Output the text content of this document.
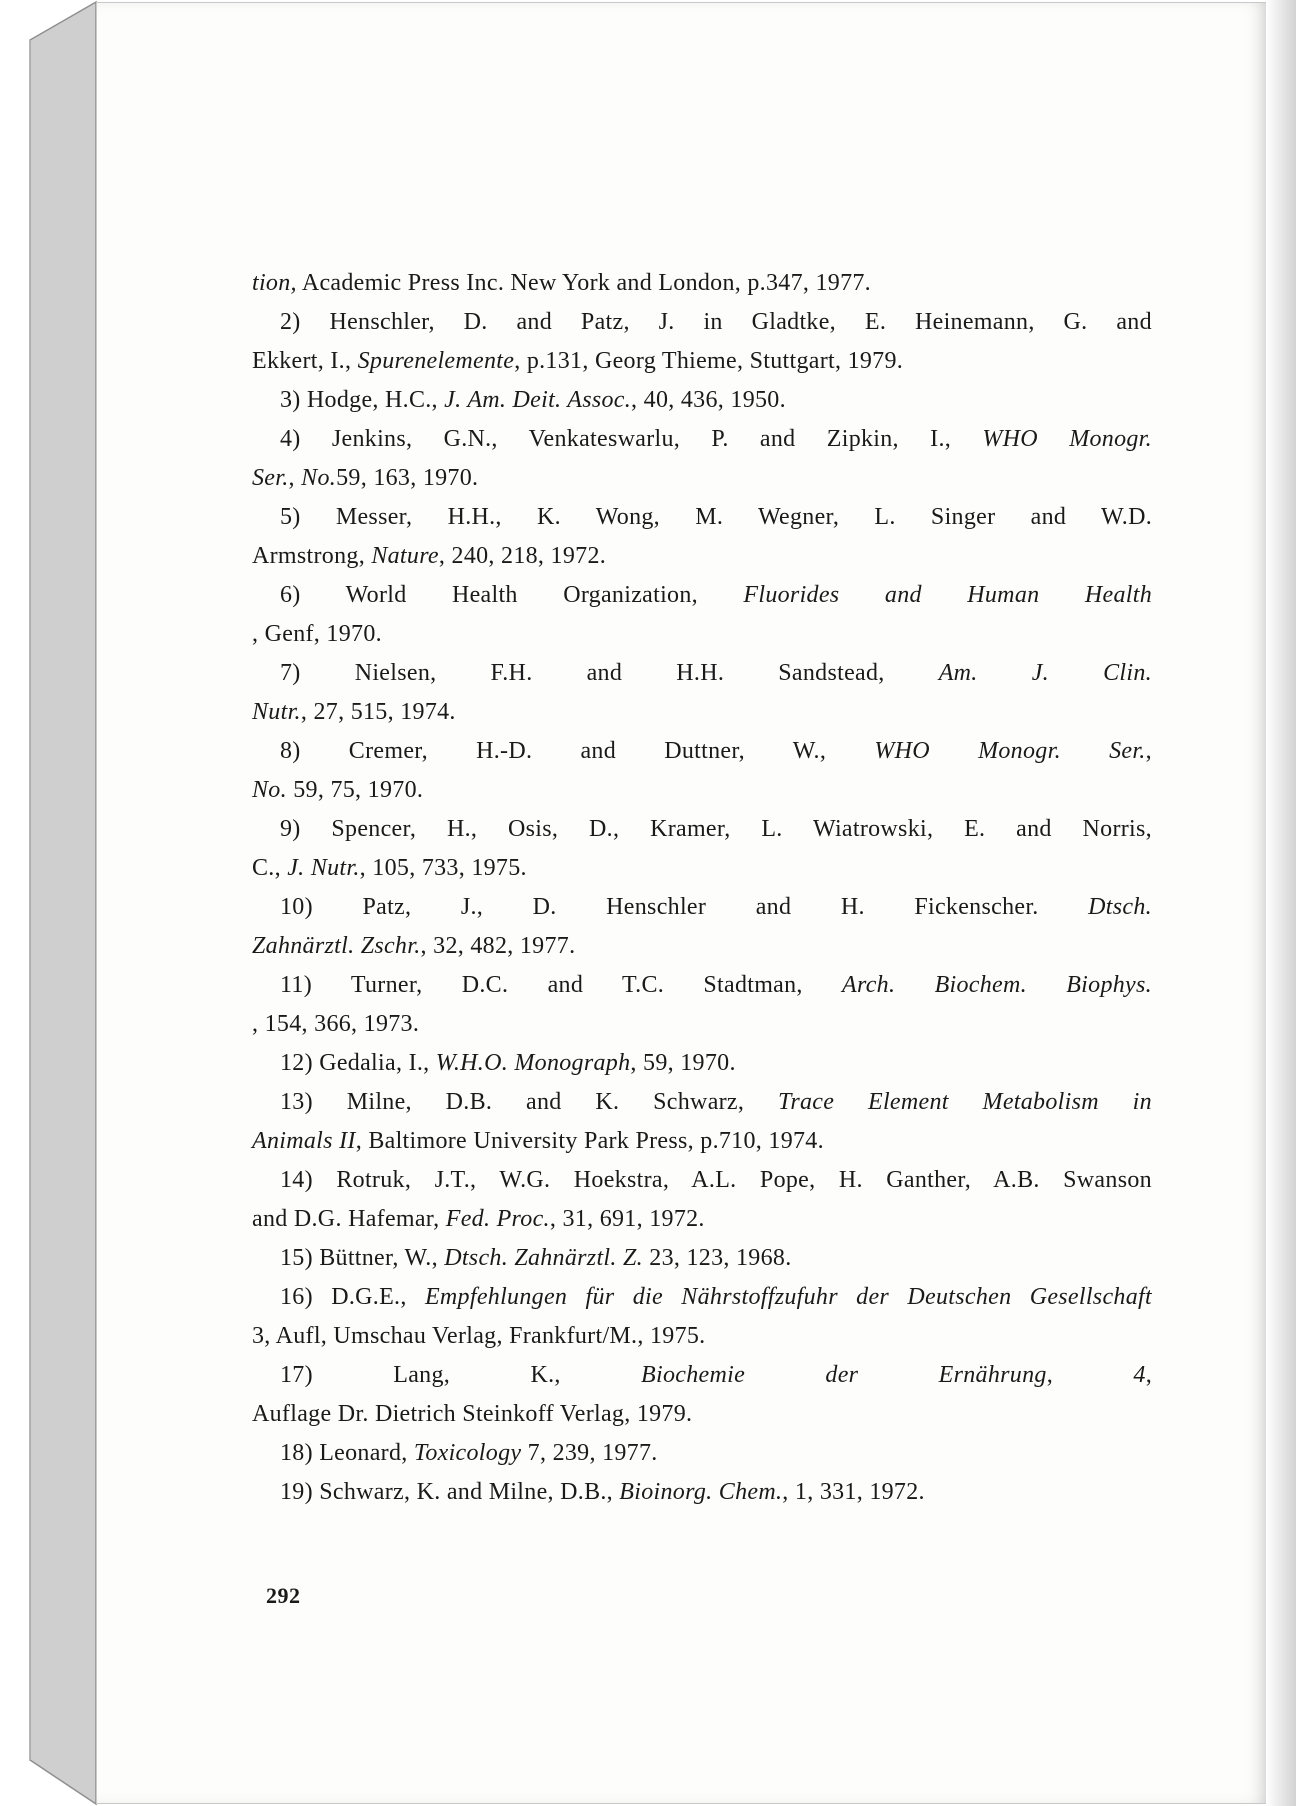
tion, Academic Press Inc. New York and London, p.347, 1977.
2) Henschler, D. and Patz, J. in Gladtke, E. Heinemann, G. and
Ekkert, I., Spurenelemente, p.131, Georg Thieme, Stuttgart, 1979.
3) Hodge, H.C., J. Am. Deit. Assoc., 40, 436, 1950.
4) Jenkins, G.N., Venkateswarlu, P. and Zipkin, I., WHO Monogr.
Ser., No.59, 163, 1970.
5) Messer, H.H., K. Wong, M. Wegner, L. Singer and W.D.
Armstrong, Nature, 240, 218, 1972.
6) World Health Organization, Fluorides and Human Health
, Genf, 1970.
7) Nielsen, F.H. and H.H. Sandstead, Am. J. Clin.
Nutr., 27, 515, 1974.
8) Cremer, H.-D. and Duttner, W., WHO Monogr. Ser.,
No. 59, 75, 1970.
9) Spencer, H., Osis, D., Kramer, L. Wiatrowski, E. and Norris,
C., J. Nutr., 105, 733, 1975.
10) Patz, J., D. Henschler and H. Fickenscher. Dtsch.
Zahnärztl. Zschr., 32, 482, 1977.
11) Turner, D.C. and T.C. Stadtman, Arch. Biochem. Biophys.
, 154, 366, 1973.
12) Gedalia, I., W.H.O. Monograph, 59, 1970.
13) Milne, D.B. and K. Schwarz, Trace Element Metabolism in
Animals II, Baltimore University Park Press, p.710, 1974.
14) Rotruk, J.T., W.G. Hoekstra, A.L. Pope, H. Ganther, A.B. Swanson
and D.G. Hafemar, Fed. Proc., 31, 691, 1972.
15) Büttner, W., Dtsch. Zahnärztl. Z. 23, 123, 1968.
16) D.G.E., Empfehlungen für die Nährstoffzufuhr der Deutschen Gesellschaft
3, Aufl, Umschau Verlag, Frankfurt/M., 1975.
17)	Lang,	K.,	Biochemie	der	Ernährung,	4,
Auflage Dr. Dietrich Steinkoff Verlag, 1979.
18) Leonard, Toxicology 7, 239, 1977.
19) Schwarz, K. and Milne, D.B., Bioinorg. Chem., 1, 331, 1972.
292
